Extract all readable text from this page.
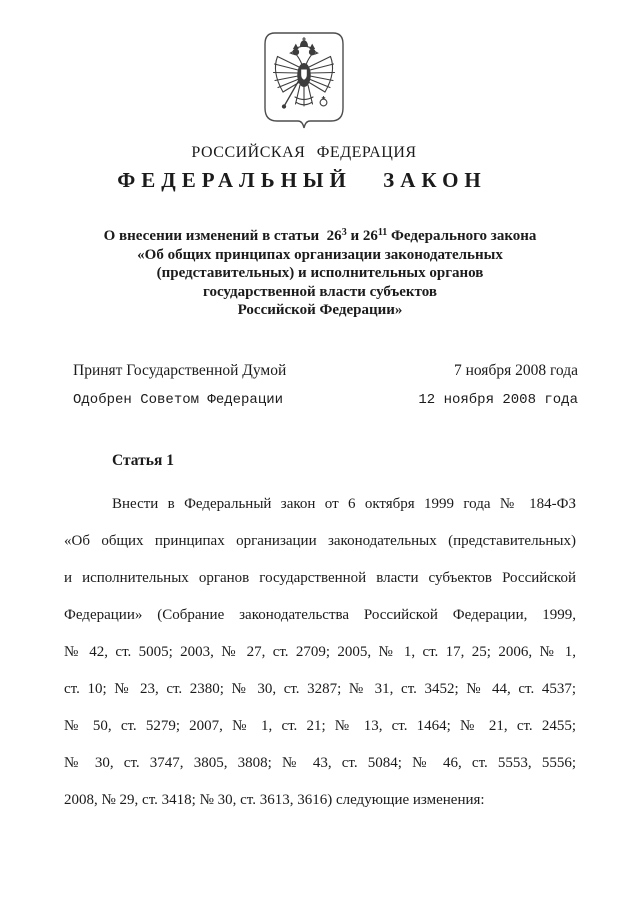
РОССИЙСКАЯ ФЕДЕРАЦИЯ
ФЕДЕРАЛЬНЫЙ ЗАКОН
О внесении изменений в статьи  $26^3$ и $26^{11}$ Федерального закона
«Об общих принципах организации законодательных
(представительных) и исполнительных органов
государственной власти субъектов
Российской Федерации»
Принят Государственной Думой	7 ноября 2008 года
Одобрен Советом Федерации	12 ноября 2008 года
Статья 1
Внести в Федеральный закон от 6 октября 1999 года № 184-ФЗ
«Об общих принципах организации законодательных (представительных)
и исполнительных органов государственной власти субъектов Российской
Федерации» (Собрание законодательства Российской Федерации, 1999,
№ 42, ст. 5005; 2003, № 27, ст. 2709; 2005, № 1, ст. 17, 25; 2006, № 1,
ст. 10; № 23, ст. 2380; № 30, ст. 3287; № 31, ст. 3452; № 44, ст. 4537;
№ 50, ст. 5279; 2007, № 1, ст. 21; № 13, ст. 1464; № 21, ст. 2455;
№ 30, ст. 3747, 3805, 3808; № 43, ст. 5084; № 46, ст. 5553, 5556;
2008, № 29, ст. 3418; № 30, ст. 3613, 3616) следующие изменения:
